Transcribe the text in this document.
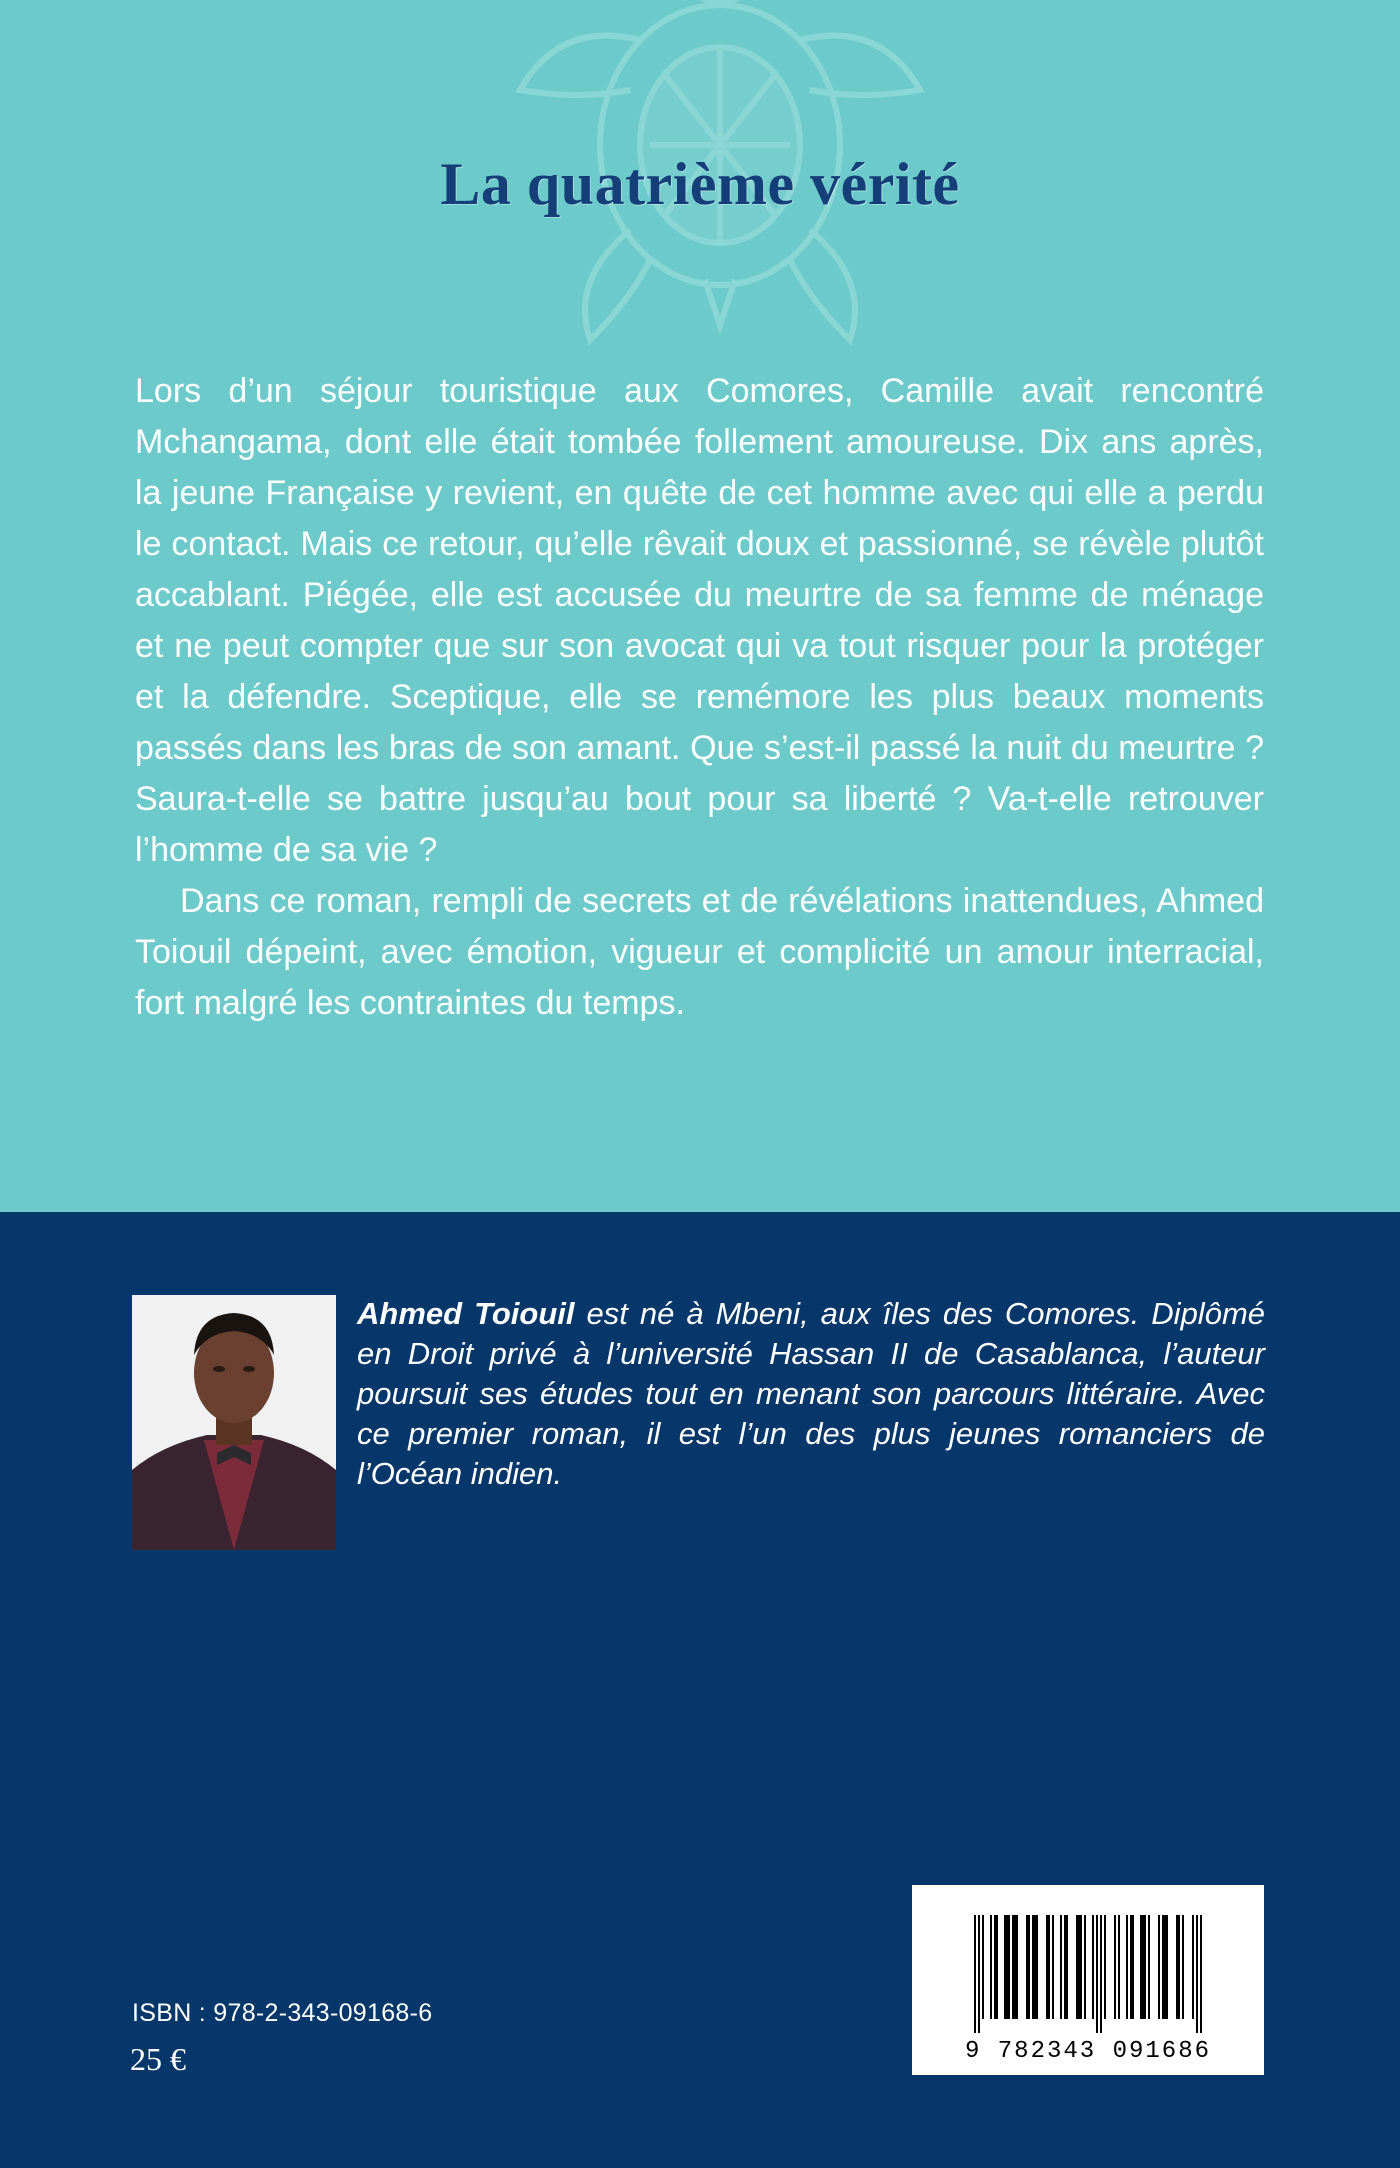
La quatrième vérité

Lors d’un séjour touristique aux Comores, Camille avait rencontré Mchangama, dont elle était tombée follement amoureuse. Dix ans après, la jeune Française y revient, en quête de cet homme avec qui elle a perdu le contact. Mais ce retour, qu’elle rêvait doux et passionné, se révèle plutôt accablant. Piégée, elle est accusée du meurtre de sa femme de ménage et ne peut compter que sur son avocat qui va tout risquer pour la protéger et la défendre. Sceptique, elle se remémore les plus beaux moments passés dans les bras de son amant. Que s’est-il passé la nuit du meurtre ? Saura-t-elle se battre jusqu’au bout pour sa liberté ? Va-t-elle retrouver l’homme de sa vie ?

Dans ce roman, rempli de secrets et de révélations inattendues, Ahmed Toiouil dépeint, avec émotion, vigueur et complicité un amour interracial, fort malgré les contraintes du temps.

Ahmed Toiouil est né à Mbeni, aux îles des Comores. Diplômé en Droit privé à l’université Hassan II de Casablanca, l’auteur poursuit ses études tout en menant son parcours littéraire. Avec ce premier roman, il est l’un des plus jeunes romanciers de l’Océan indien.

ISBN : 978-2-343-09168-6
25 €	9 782343 091686
